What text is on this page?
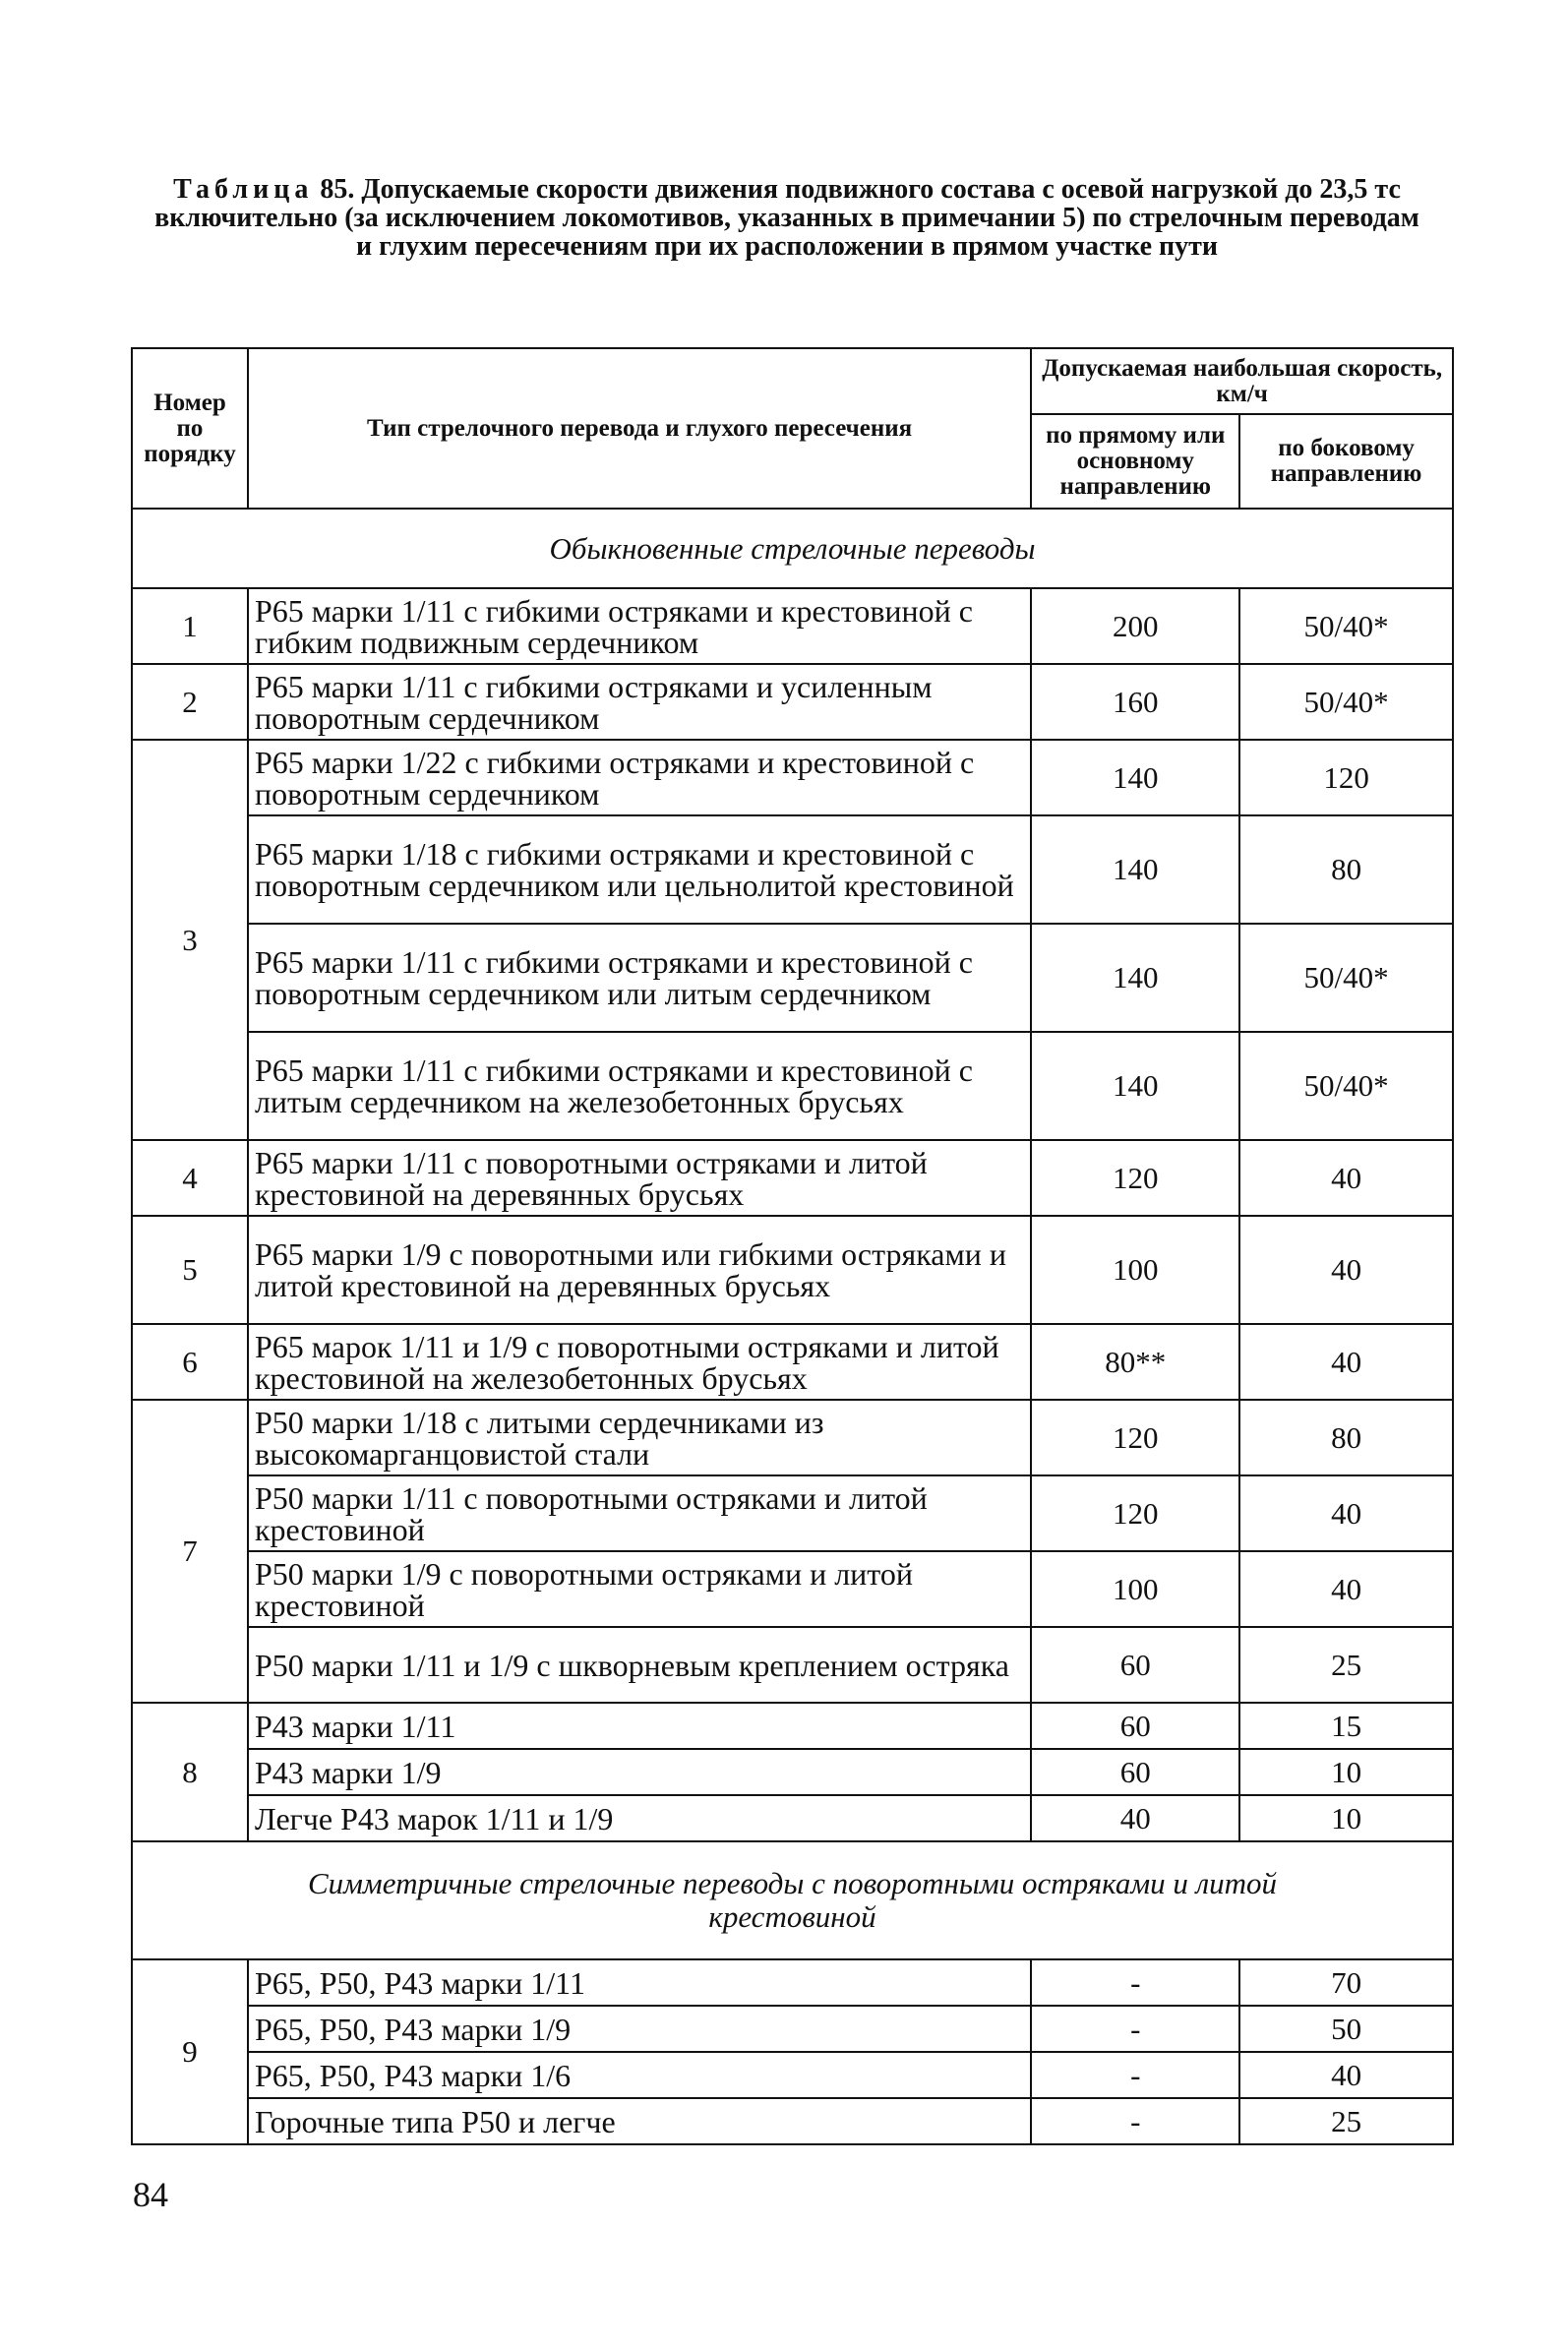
Таблица 85. Допускаемые скорости движения подвижного состава с осевой нагрузкой до 23,5 тс включительно (за исключением локомотивов, указанных в примечании 5) по стрелочным переводам и глухим пересечениям при их расположении в прямом участке пути
Номер по порядку	Тип стрелочного перевода и глухого пересечения	Допускаемая наибольшая скорость, км/ч	
		по прямому или основному направлению	по боковому направлению
Обыкновенные стрелочные переводы			
1	Р65 марки 1/11 с гибкими остряками и крестовиной с гибким подвижным сердечником	200	50/40*
2	Р65 марки 1/11 с гибкими остряками и усиленным поворотным сердечником	160	50/40*
3	Р65 марки 1/22 с гибкими остряками и крестовиной с поворотным сердечником	140	120
	Р65 марки 1/18 с гибкими остряками и крестовиной с поворотным сердечником или цельнолитой крестовиной	140	80
	Р65 марки 1/11 с гибкими остряками и крестовиной с поворотным сердечником или литым сердечником	140	50/40*
	Р65 марки 1/11 с гибкими остряками и крестовиной с литым сердечником на железобетонных брусьях	140	50/40*
4	Р65 марки 1/11 с поворотными остряками и литой крестовиной на деревянных брусьях	120	40
5	Р65 марки 1/9 с поворотными или гибкими остряками и литой крестовиной на деревянных брусьях	100	40
6	Р65 марок 1/11 и 1/9 с поворотными остряками и литой крестовиной на железобетонных брусьях	80**	40
7	Р50 марки 1/18 с литыми сердечниками из высокомарганцовистой стали	120	80
	Р50 марки 1/11 с поворотными остряками и литой крестовиной	120	40
	Р50 марки 1/9 с поворотными остряками и литой крестовиной	100	40
	Р50 марки 1/11 и 1/9 с шкворневым креплением остряка	60	25
8	Р43 марки 1/11	60	15
	Р43 марки 1/9	60	10
	Легче Р43 марок 1/11 и 1/9	40	10

Симметричные стрелочные переводы с поворотными остряками и литой крестовиной			

9	Р65, Р50, Р43 марки 1/11	-	70
	Р65, Р50, Р43 марки 1/9	-	50
	Р65, Р50, Р43 марки 1/6	-	40
	Горочные типа Р50 и легче	-	25
84
